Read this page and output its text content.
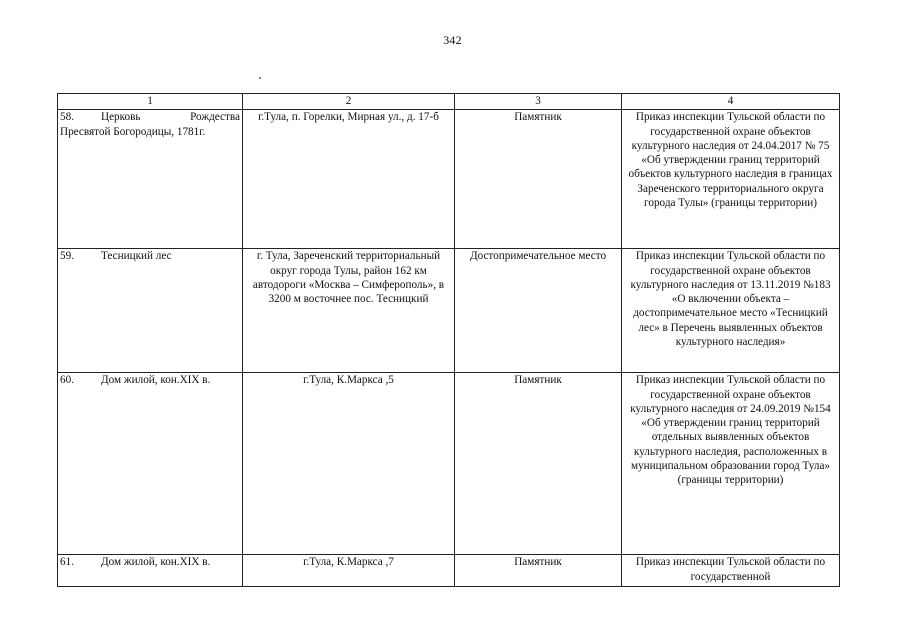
342
1	2	3	4

58. Церковь Рождества
Пресвятой Богородицы, 1781г.	г.Тула, п. Горелки, Мирная ул., д. 17-б	Памятник	Приказ инспекции Тульской области по государственной охране объектов культурного наследия от 24.04.2017 № 75 «Об утверждении границ территорий объектов культурного наследия в границах Зареченского территориального округа города Тулы» (границы территории)
59. Тесницкий лес	г. Тула, Зареченский территориальный округ города Тулы, район 162 км автодороги «Москва – Симферополь», в 3200 м восточнее пос. Тесницкий	Достопримечательное место	Приказ инспекции Тульской области по государственной охране объектов культурного наследия от 13.11.2019 №183 «О включении объекта – достопримечательное место «Тесницкий лес» в Перечень выявленных объектов культурного наследия»
60. Дом жилой, кон.XIX в.	г.Тула, К.Маркса ,5	Памятник	Приказ инспекции Тульской области по государственной охране объектов культурного наследия от 24.09.2019 №154 «Об утверждении границ территорий отдельных выявленных объектов культурного наследия, расположенных в муниципальном образовании город Тула» (границы территории)
61. Дом жилой, кон.XIX в.	г.Тула, К.Маркса ,7	Памятник	Приказ инспекции Тульской области по государственной
